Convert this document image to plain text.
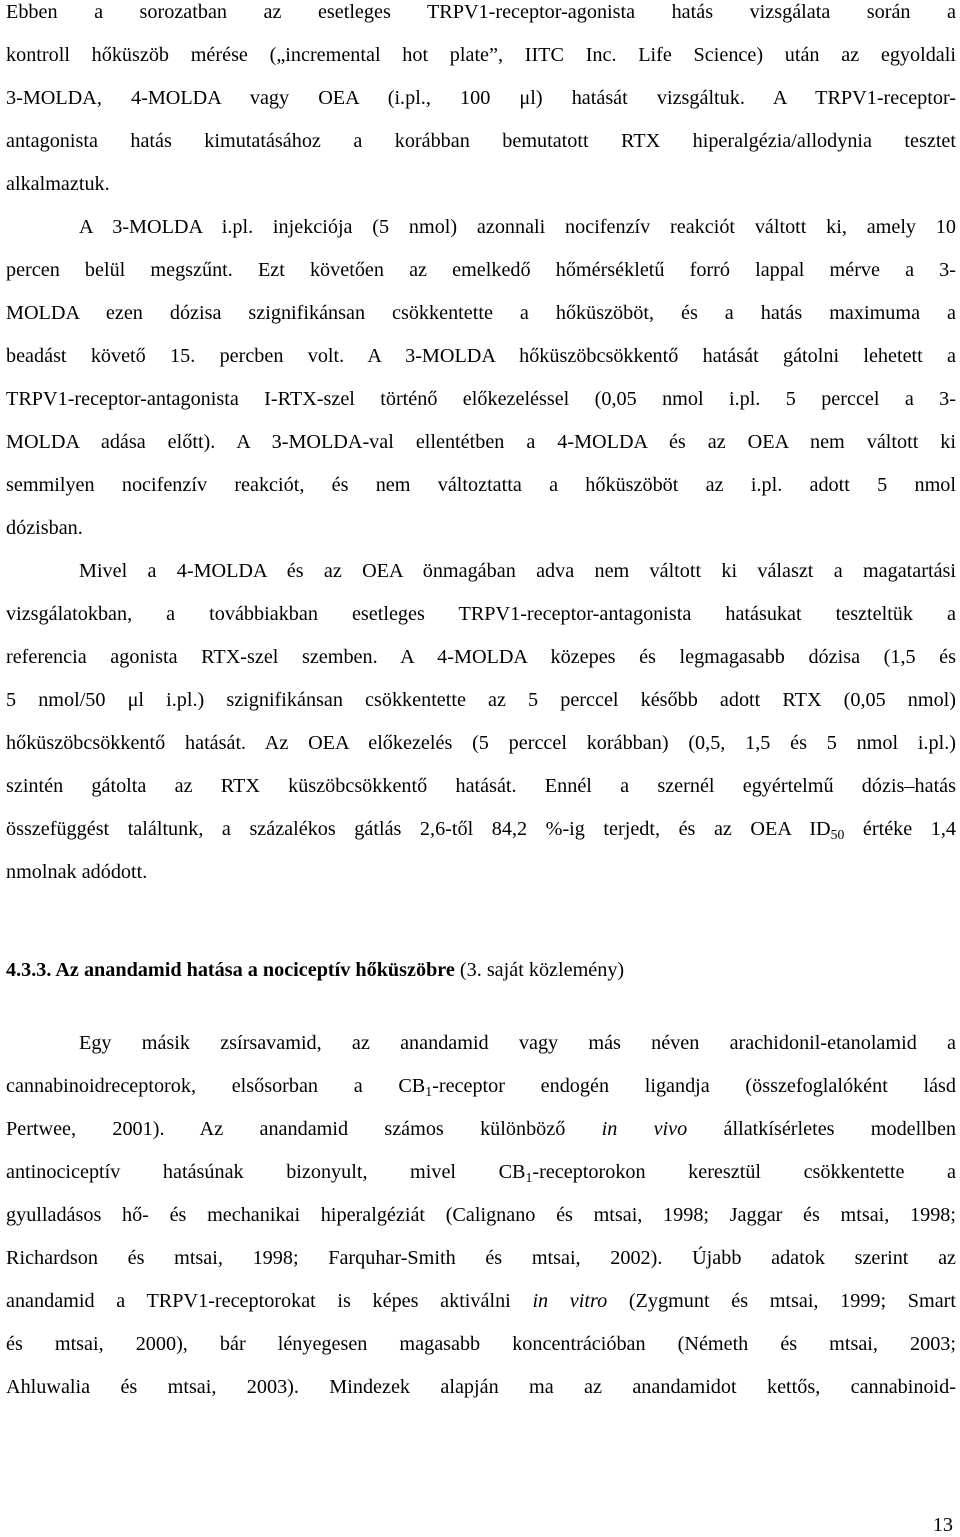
Ebben a sorozatban az esetleges TRPV1-receptor-agonista hatás vizsgálata során a
kontroll hőküszöb mérése („incremental hot plate”, IITC Inc. Life Science) után az egyoldali
3-MOLDA, 4-MOLDA vagy OEA (i.pl., 100 μl) hatását vizsgáltuk. A TRPV1-receptor-
antagonista hatás kimutatásához a korábban bemutatott RTX hiperalgézia/allodynia tesztet
alkalmaztuk.
A 3-MOLDA i.pl. injekciója (5 nmol) azonnali nocifenzív reakciót váltott ki, amely 10
percen belül megszűnt. Ezt követően az emelkedő hőmérsékletű forró lappal mérve a 3-
MOLDA ezen dózisa szignifikánsan csökkentette a hőküszöböt, és a hatás maximuma a
beadást követő 15. percben volt. A 3-MOLDA hőküszöbcsökkentő hatását gátolni lehetett a
TRPV1-receptor-antagonista I-RTX-szel történő előkezeléssel (0,05 nmol i.pl. 5 perccel a 3-
MOLDA adása előtt). A 3-MOLDA-val ellentétben a 4-MOLDA és az OEA nem váltott ki
semmilyen nocifenzív reakciót, és nem változtatta a hőküszöböt az i.pl. adott 5 nmol
dózisban.
Mivel a 4-MOLDA és az OEA önmagában adva nem váltott ki választ a magatartási
vizsgálatokban, a továbbiakban esetleges TRPV1-receptor-antagonista hatásukat teszteltük a
referencia agonista RTX-szel szemben. A 4-MOLDA közepes és legmagasabb dózisa (1,5 és
5 nmol/50 μl i.pl.) szignifikánsan csökkentette az 5 perccel később adott RTX (0,05 nmol)
hőküszöbcsökkentő hatását. Az OEA előkezelés (5 perccel korábban) (0,5, 1,5 és 5 nmol i.pl.)
szintén gátolta az RTX küszöbcsökkentő hatását. Ennél a szernél egyértelmű dózis–hatás
összefüggést találtunk, a százalékos gátlás 2,6-től 84,2 %-ig terjedt, és az OEA $ID_{50}$ értéke 1,4
nmolnak adódott.
4.3.3. Az anandamid hatása a nociceptív hőküszöbre (3. saját közlemény)
Egy másik zsírsavamid, az anandamid vagy más néven arachidonil-etanolamid a
cannabinoidreceptorok, elsősorban a $CB_1$-receptor endogén ligandja (összefoglalóként lásd
Pertwee, 2001). Az anandamid számos különböző in vivo állatkísérletes modellben
antinociceptív hatásúnak bizonyult, mivel $CB_1$-receptorokon keresztül csökkentette a
gyulladásos hő- és mechanikai hiperalgéziát (Calignano és mtsai, 1998; Jaggar és mtsai, 1998;
Richardson és mtsai, 1998; Farquhar-Smith és mtsai, 2002). Újabb adatok szerint az
anandamid a TRPV1-receptorokat is képes aktiválni in vitro (Zygmunt és mtsai, 1999; Smart
és mtsai, 2000), bár lényegesen magasabb koncentrációban (Németh és mtsai, 2003;
Ahluwalia és mtsai, 2003). Mindezek alapján ma az anandamidot kettős, cannabinoid-
13
